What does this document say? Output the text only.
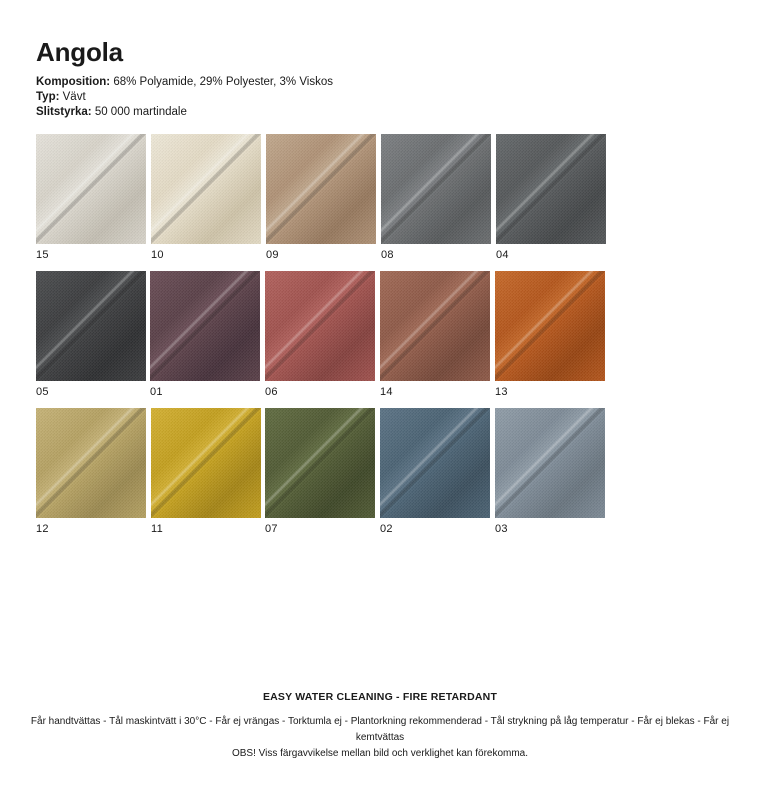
Angola
Komposition: 68% Polyamide, 29% Polyester, 3% Viskos
Typ: Vävt
Slitstyrka: 50 000 martindale
15	10	09	08	04
05	01	06	14	13
12	11	07	02	03
EASY WATER CLEANING - FIRE RETARDANT
Får handtvättas - Tål maskintvätt i 30°C - Får ej vrängas - Torktumla ej - Plantorkning rekommenderad - Tål strykning på låg temperatur - Får ej blekas - Får ej kemtvättas
OBS! Viss färgavvikelse mellan bild och verklighet kan förekomma.
